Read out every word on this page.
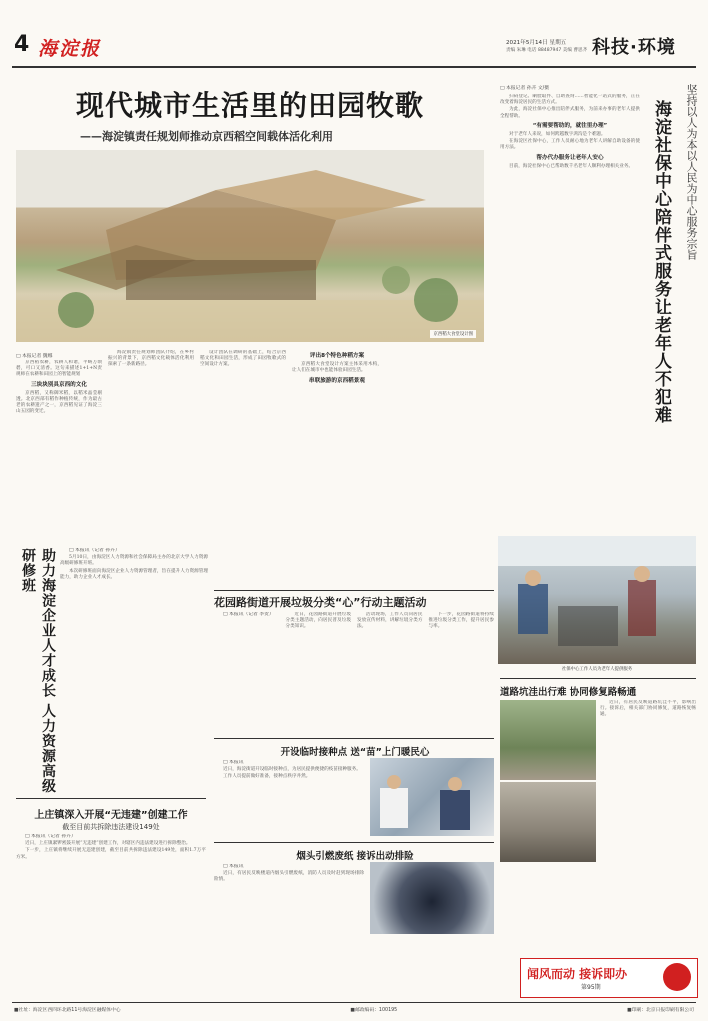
4 海淀报	2021年5月14日 星期五
责编 朱琳 电话 88487947 美编 曹思齐 科技·环境
现代城市生活里的田园牧歌
——海淀镇责任规划师推动京西稻空间载体活化利用
京西稻大食堂设计图
□ 本报记者 魏娜

京西稻农耕，农耕人和谐，平畴万顷碧，可口又清香。这句来描述1+1+N责规师在农耕和田园上的智能规划

三块块别具京西的文化

京西稻，又称御米稻，以稻米晶莹剔透。北京西部有稻作种植传统，作为最古老的农耕遗产之一，京西稻见证了海淀三山五园的变迁。

海淀镇责任规划师团队介绍，在乡村振兴的背景下，京西稻文化载体活化利用探索了一条新路径。

设计团队在调研的基础上，结合京西稻文化和田园生活，形成了田园牧歌式的空间设计方案。

评出8个特色种稻方案

京西稻大食堂设计方案主体采用木构，让人们在城市中也能体验田园生活。

串联旅游的京西稻景观
坚持以人为本以人民为中心服务宗旨
海淀社保中心陪伴式服务让老年人不犯难
□ 本报记者 孙卉 文/摄

扫码登记、刷脸取件、自助查询……智能化一站式的服务，正在改变着海淀居民的生活方式。

为此，海淀社保中心推出陪伴式服务，为前来办事的老年人提供全程帮助。

“有需要帮助的，就往里办理”

对于老年人来说，如何跨越数字鸿沟是个难题。

在海淀区社保中心，工作人员耐心地为老年人讲解自助设备的使用方法。

帮办代办服务让老年人安心

目前，海淀社保中心已帮助数千名老年人顺利办理相关业务。

社保中心工作人员为老年人提供服务
助力海淀企业人才成长 人力资源高级研修班	□ 本报讯（记者 孙卉）

5月10日，由海淀区人力资源和社会保障局主办的北京大学人力资源高级研修班开班。

本次研修班面向海淀区企业人力资源管理者，旨在提升人力资源管理能力，助力企业人才成长。

上庄镇深入开展“无违建”创建工作
截至目前共拆除违法建设149处

□ 本报讯（记者 孙卉）

近日，上庄镇紧锣密鼓开展“无违建”创建工作，对辖区内违法建设进行拆除整治。

下一步，上庄镇将继续开展无违建创建，截至目前共拆除违法建设149处，面积1.7万平方米。

花园路街道开展垃圾分类“心”行动主题活动

□ 本报讯（记者 李贺）	近日，花园路街道开展垃圾分类主题活动，向居民普及垃圾分类知识。

活动现场，工作人员向居民发放宣传材料，讲解垃圾分类方法。

下一步，花园路街道将持续推进垃圾分类工作，提升居民参与率。

开设临时接种点 送“苗”上门暖民心

□ 本报讯

近日，海淀街道开设临时接种点，为居民提供便捷的疫苗接种服务。

工作人员提前做好准备，接种点秩序井然。

烟头引燃废纸 接诉出动排险

□ 本报讯

近日，有居民反映楼道内烟头引燃废纸，消防人员及时赶到现场排除险情。

道路坑洼出行难 协同修复路畅通

近日，有居民反映道路坑洼不平，影响出行。接诉后，相关部门协同修复，道路恢复畅通。

闻风而动 接诉即办
第95期
■社址：海淀区西四环北路11号海淀区融媒体中心	■邮政编码：100195	■印刷：北京日报印刷有限公司
